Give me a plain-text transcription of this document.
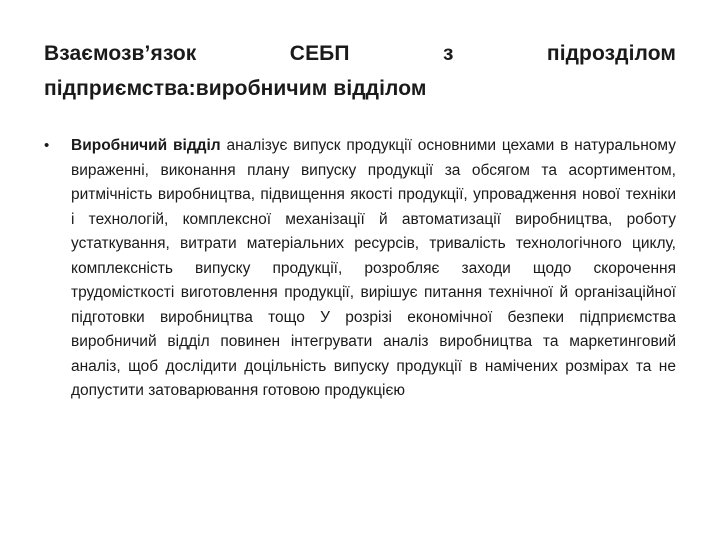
Взаємозв’язок СЕБП з підрозділом підприємства:виробничим відділом
• Виробничий відділ аналізує випуск продукції основними цехами в натуральному вираженні, виконання плану випуску продукції за обсягом та асортиментом, ритмічність виробництва, підвищення якості продукції, упровадження нової техніки і технологій, комплексної механізації й автоматизації виробництва, роботу устаткування, витрати матеріальних ресурсів, тривалість технологічного циклу, комплексність випуску продукції, розробляє заходи щодо скорочення трудомісткості виготовлення продукції, вирішує питання технічної й організаційної підготовки виробництва тощо У розрізі економічної безпеки підприємства виробничий відділ повинен інтегрувати аналіз виробництва та маркетинговий аналіз, щоб дослідити доцільність випуску продукції в намічених розмірах та не допустити затоварювання готовою продукцією
